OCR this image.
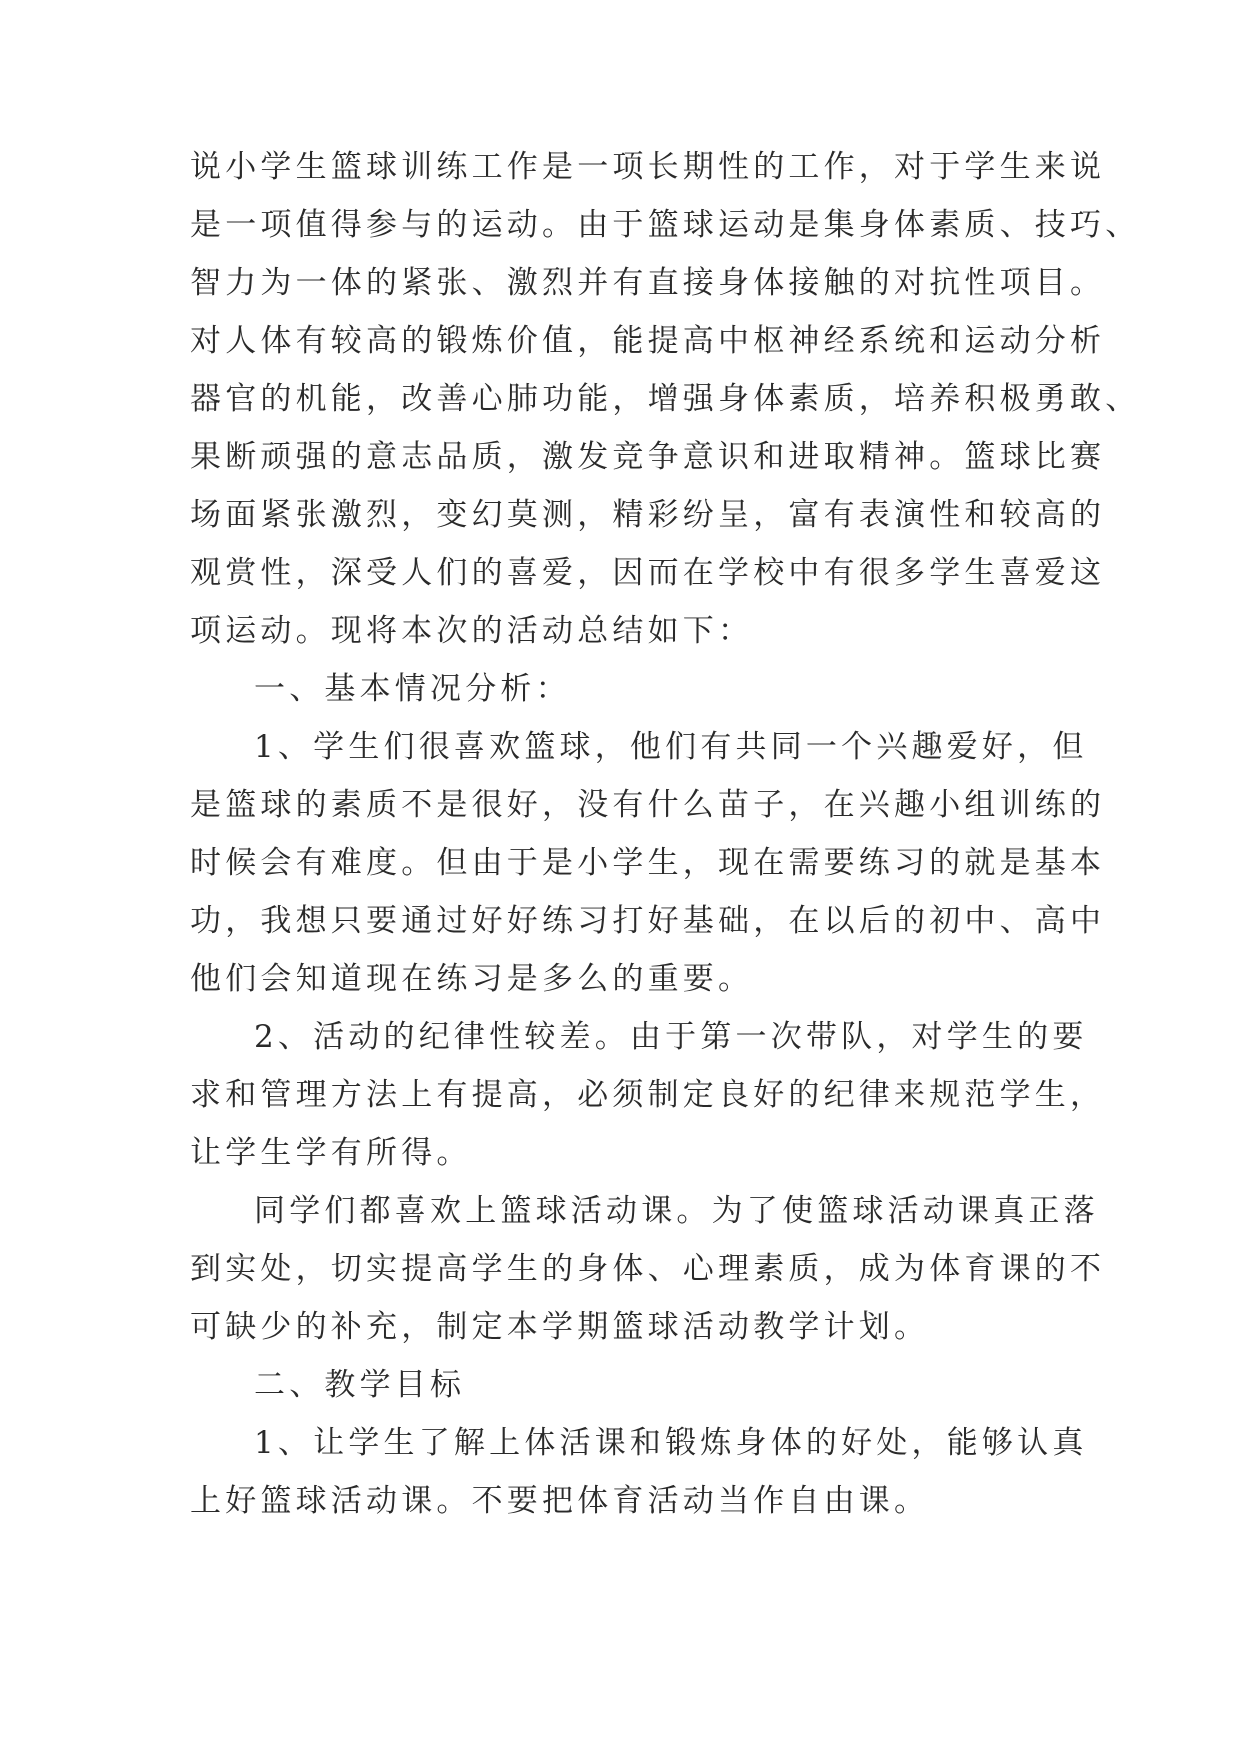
说小学生篮球训练工作是一项长期性的工作，对于学生来说
是一项值得参与的运动。由于篮球运动是集身体素质、技巧、
智力为一体的紧张、激烈并有直接身体接触的对抗性项目。
对人体有较高的锻炼价值，能提高中枢神经系统和运动分析
器官的机能，改善心肺功能，增强身体素质，培养积极勇敢、
果断顽强的意志品质，激发竞争意识和进取精神。篮球比赛
场面紧张激烈，变幻莫测，精彩纷呈，富有表演性和较高的
观赏性，深受人们的喜爱，因而在学校中有很多学生喜爱这
项运动。现将本次的活动总结如下：
一、基本情况分析：
1、学生们很喜欢篮球，他们有共同一个兴趣爱好，但
是篮球的素质不是很好，没有什么苗子，在兴趣小组训练的
时候会有难度。但由于是小学生，现在需要练习的就是基本
功，我想只要通过好好练习打好基础，在以后的初中、高中
他们会知道现在练习是多么的重要。
2、活动的纪律性较差。由于第一次带队，对学生的要
求和管理方法上有提高，必须制定良好的纪律来规范学生，
让学生学有所得。
同学们都喜欢上篮球活动课。为了使篮球活动课真正落
到实处，切实提高学生的身体、心理素质，成为体育课的不
可缺少的补充，制定本学期篮球活动教学计划。
二、教学目标
1、让学生了解上体活课和锻炼身体的好处，能够认真
上好篮球活动课。不要把体育活动当作自由课。
